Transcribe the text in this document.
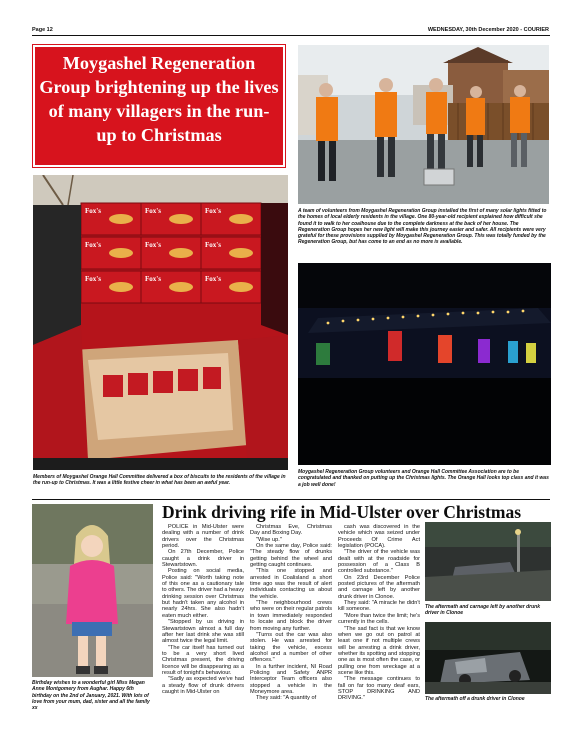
Page 12	WEDNESDAY, 30th December 2020 - COURIER
Moygashel Regeneration Group brightening up the lives of many villagers in the run-up to Christmas
A team of volunteers from Moygashel Regeneration Group installed the first of many solar lights fitted to the homes of local elderly residents in the village. One 80-year-old recipient explained how difficult she found it to walk to her coalhouse due to the complete darkness at the back of her house. The Regeneration Group hopes her new light will make this journey easier and safer. All recipients were very grateful for these provisions supplied by Moygashel Regeneration Group. This was totally funded by the Regeneration Group, but has come to an end as no more is available.
Fox's	Fox's	Fox's
Fox's	Fox's	Fox's
Fox's	Fox's	Fox's
Members of Moygashel Orange Hall Committee delivered a box of biscuits to the residents of the village in the run-up to Christmas. It was a little festive cheer in what has been an awful year.
Moygashel Regeneration Group volunteers and Orange Hall Committee Association are to be congratulated and thanked on putting up the Christmas lights. The Orange Hall looks top class and it was a job well done!
Birthday wishes to a wonderful girl Miss Megan Anne Montgomery from Aughar. Happy 6th birthday on the 2nd of January, 2021. With lots of love from your mum, dad, sister and all the family xx
Drink driving rife in Mid-Ulster over Christmas

POLICE in Mid-Ulster were dealing with a number of drink drivers over the Christmas period.

On 27th December, Police caught a drink driver in Stewartstown.

Posting on social media, Police said: "Worth taking note of this one as a cautionary tale to others. The driver had a heavy drinking session over Christmas but hadn't taken any alcohol in nearly 24hrs. She also hadn't eaten much either.

"Stopped by us driving in Stewartstown almost a full day after her last drink she was still almost twice the legal limit.

"The car itself has turned out to be a very short lived Christmas present, the driving licence will be disappearing as a result of tonight's behaviour.

"Sadly as expected we've had a steady flow of drunk drivers caught in Mid-Ulster on

Christmas Eve, Christmas Day and Boxing Day.

"Wise up."

On the same day, Police said: "The steady flow of drunks getting behind the wheel and getting caught continues.

"This one stopped and arrested in Coalisland a short time ago was the result of alert individuals contacting us about the vehicle.

"The neighbourhood crews who were on their regular patrols in town immediately responded to locate and block the driver from moving any further.

"Turns out the car was also stolen. He was arrested for taking the vehicle, excess alcohol and a number of other offences."

In a further incident, NI Road Policing and Safety ANPR Interceptor Team officers also stopped a vehicle in the Moneymore area.

They said: "A quantity of

cash was discovered in the vehicle which was seized under Proceeds Of Crime Act legislation (POCA).

"The driver of the vehicle was dealt with at the roadside for possession of a Class B controlled substance."

On 23rd December Police posted pictures of the aftermath and carnage left by another drunk driver in Clonoe.

They said: "A miracle he didn't kill someone.

"More than twice the limit; he's currently in the cells.

"The sad fact is that we know when we go out on patrol at least one if not multiple crews will be arresting a drink driver, whether its spotting and stopping one as is most often the case, or pulling one from wreckage at a scene like this.

"The message continues to fall on far too many deaf ears, STOP DRINKING AND DRIVING."

The aftermath and carnage left by another drunk driver in Clonoe
The aftermath off a drunk driver in Clonoe
